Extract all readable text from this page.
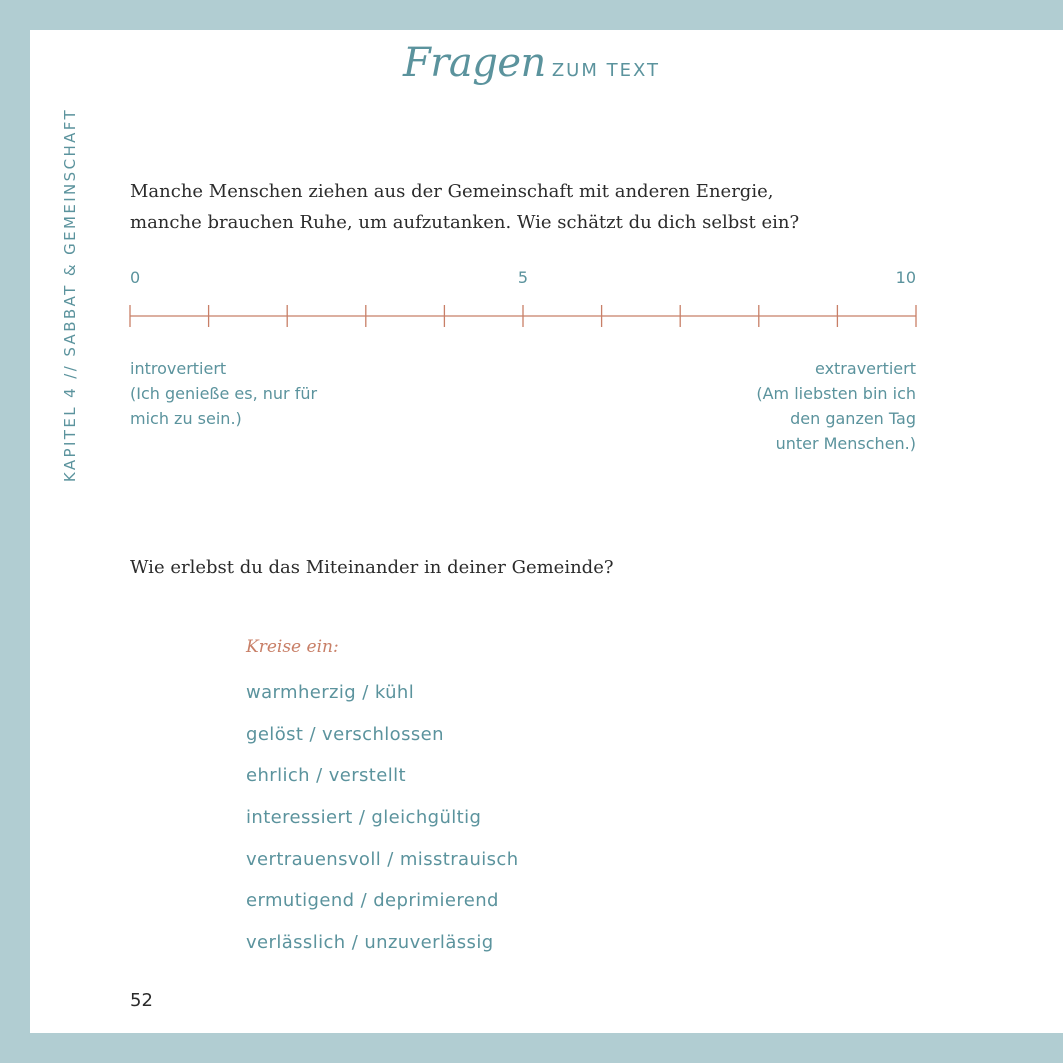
KAPITEL 4 // SABBAT & GEMEINSCHAFT
Fragen ZUM TEXT
Manche Menschen ziehen aus der Gemeinschaft mit anderen Energie,
manche brauchen Ruhe, um aufzutanken. Wie schätzt du dich selbst ein?
0	5	10
introvertiert
(Ich genieße es, nur für
mich zu sein.)
extravertiert
(Am liebsten bin ich
den ganzen Tag
unter Menschen.)
Wie erlebst du das Miteinander in deiner Gemeinde?
Kreise ein:
warmherzig / kühl
gelöst / verschlossen
ehrlich / verstellt
interessiert / gleichgültig
vertrauensvoll / misstrauisch
ermutigend / deprimierend
verlässlich / unzuverlässig
52
